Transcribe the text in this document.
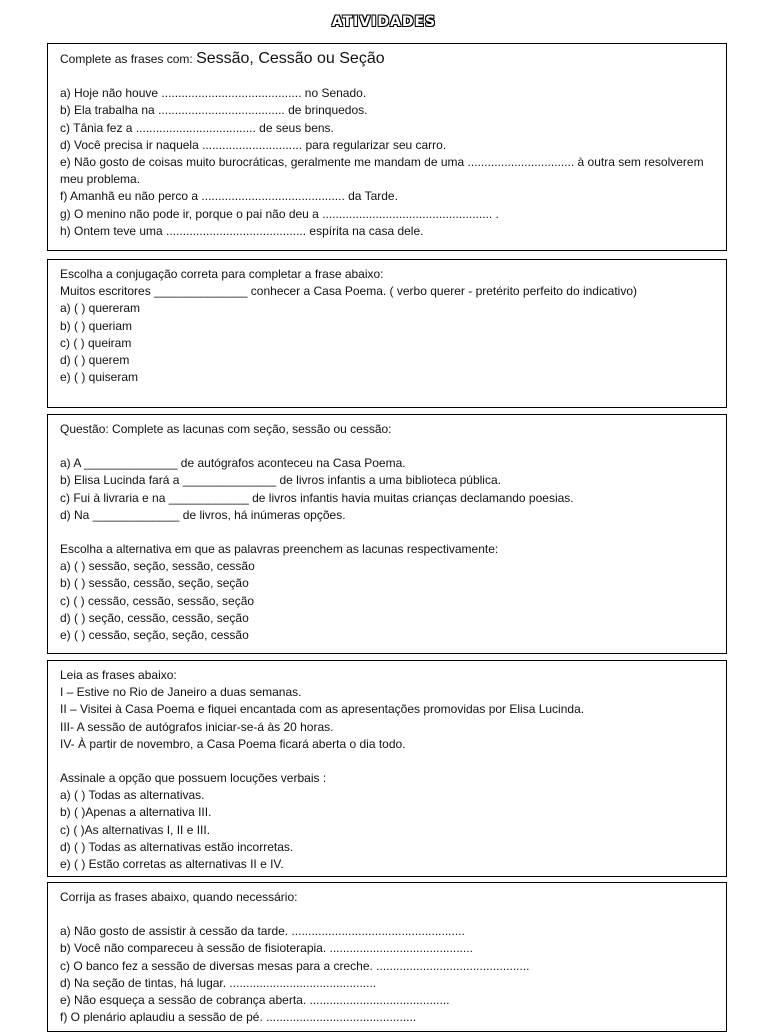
ATIVIDADES

Complete as frases com: Sessão, Cessão ou Seção

a) Hoje não houve .......................................... no Senado.

b) Ela trabalha na ...................................... de brinquedos.

c) Tânia fez a .................................... de seus bens.

d) Você precisa ir naquela .............................. para regularizar seu carro.

e) Não gosto de coisas muito burocráticas, geralmente me mandam de uma ................................ à outra sem resolverem meu problema.

f) Amanhã eu não perco a ........................................... da Tarde.

g) O menino não pode ir, porque o pai não deu a ................................................... .

h) Ontem teve uma .......................................... espírita na casa dele.

Escolha a conjugação correta para completar a frase abaixo:

Muitos escritores ______________ conhecer a Casa Poema. ( verbo querer - pretérito perfeito do indicativo)

a) ( ) quereram

b) ( ) queriam

c) ( ) queiram

d) ( ) querem

e) ( ) quiseram

Questão: Complete as lacunas com seção, sessão ou cessão:

a) A ______________ de autógrafos aconteceu na Casa Poema.

b) Elisa Lucinda fará a ______________ de livros infantis a uma biblioteca pública.

c) Fui à livraria e na ____________ de livros infantis havia muitas crianças declamando poesias.

d) Na _____________ de livros, há inúmeras opções.

Escolha a alternativa em que as palavras preenchem as lacunas respectivamente:

a) ( ) sessão, seção, sessão, cessão

b) ( ) sessão, cessão, seção, seção

c) ( ) cessão, cessão, sessão, seção

d) ( ) seção, cessão, cessão, seção

e) ( ) cessão, seção, seção, cessão

Leia as frases abaixo:

I – Estive no Rio de Janeiro a duas semanas.

II – Visitei à Casa Poema e fiquei encantada com as apresentações promovidas por Elisa Lucinda.

III- A sessão de autógrafos iniciar-se-á às 20 horas.

IV- À partir de novembro, a Casa Poema ficará aberta o dia todo.

Assinale a opção que possuem locuções verbais :

a) ( ) Todas as alternativas.

b) ( )Apenas a alternativa III.

c) ( )As alternativas I, II e III.

d) ( ) Todas as alternativas estão incorretas.

e) ( ) Estão corretas as alternativas II e IV.

Corrija as frases abaixo, quando necessário:

a) Não gosto de assistir à cessão da tarde. ....................................................

b) Você não compareceu à sessão de fisioterapia. ...........................................

c) O banco fez a sessão de diversas mesas para a creche. ..............................................

d) Na seção de tintas, há lugar. ............................................

e) Não esqueça a sessão de cobrança aberta. ..........................................

f) O plenário aplaudiu a sessão de pé. .............................................
